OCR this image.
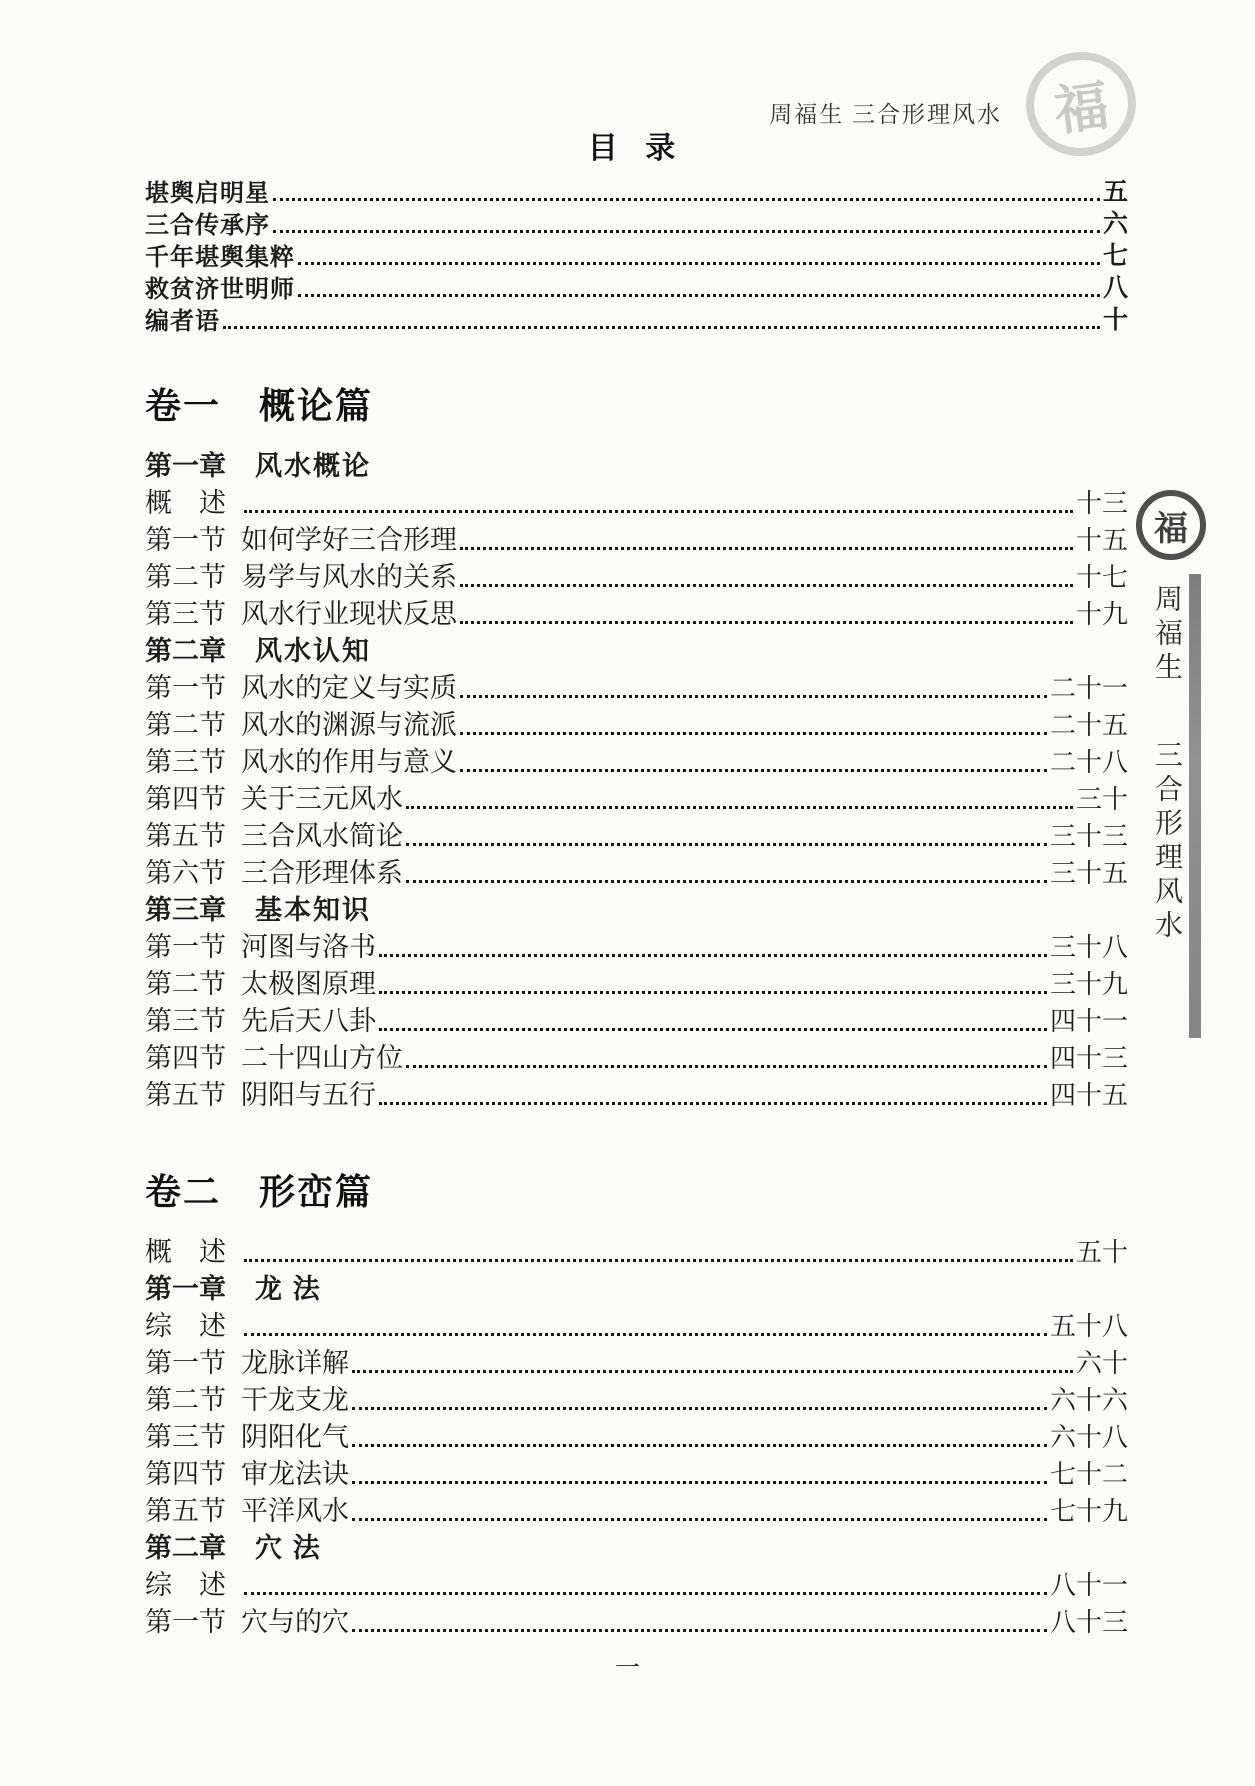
周福生 三合形理风水 福
目 录
堪舆启明星	五
三合传承序	六
千年堪舆集粹	七
救贫济世明师	八
编者语	十
卷一　概论篇
第一章	风水概论
概　述	十三
第一节 如何学好三合形理	十五
第二节 易学与风水的关系	十七
第三节 风水行业现状反思	十九
第二章	风水认知
第一节 风水的定义与实质	二十一
第二节 风水的渊源与流派	二十五
第三节 风水的作用与意义	二十八
第四节 关于三元风水	三十
第五节 三合风水简论	三十三
第六节 三合形理体系	三十五
第三章	基本知识
第一节 河图与洛书	三十八
第二节 太极图原理	三十九
第三节 先后天八卦	四十一
第四节 二十四山方位	四十三
第五节 阴阳与五行	四十五
卷二　形峦篇
概　述	五十
第一章	龙 法
综　述	五十八
第一节 龙脉详解	六十
第二节 干龙支龙	六十六
第三节 阴阳化气	六十八
第四节 审龙法诀	七十二
第五节 平洋风水	七十九
第二章	穴 法
综　述	八十一
第一节 穴与的穴	八十三
福
周福生
三合形理风水
一
